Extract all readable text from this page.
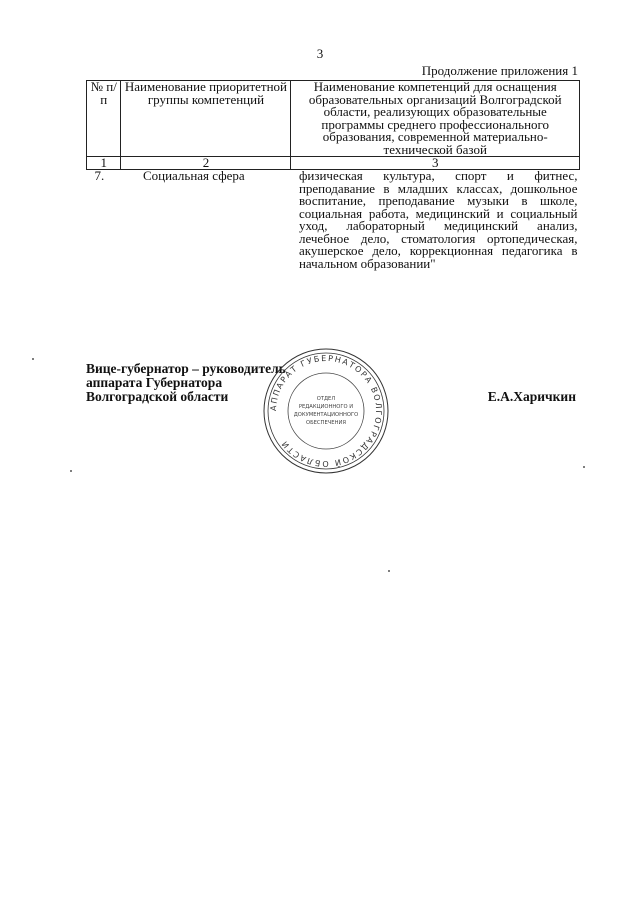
3
Продолжение приложения 1
№ п/п	Наименование приоритетной группы компетенций	Наименование компетенций для оснащения образовательных организаций Волгоградской области, реализующих образовательные программы среднего профессионального образования, современной материально-технической базой
1	2	3
7.	Социальная сфера	физическая культура, спорт и фитнес, преподавание в младших классах, дошкольное воспитание, преподавание музыки в школе, социальная работа, медицинский и социальный уход, лабораторный медицинский анализ, лечебное дело, стоматология ортопедическая, акушерское дело, коррекционная педагогика в начальном образовании"
Вице-губернатор – руководитель
аппарата Губернатора
Волгоградской области
АППАРАТ ГУБЕРНАТОРА ВОЛГОГРАДСКОЙ ОБЛАСТИ
ОТДЕЛ
РЕДАКЦИОННОГО И
ДОКУМЕНТАЦИОННОГО
ОБЕСПЕЧЕНИЯ
Е.А.Харичкин
